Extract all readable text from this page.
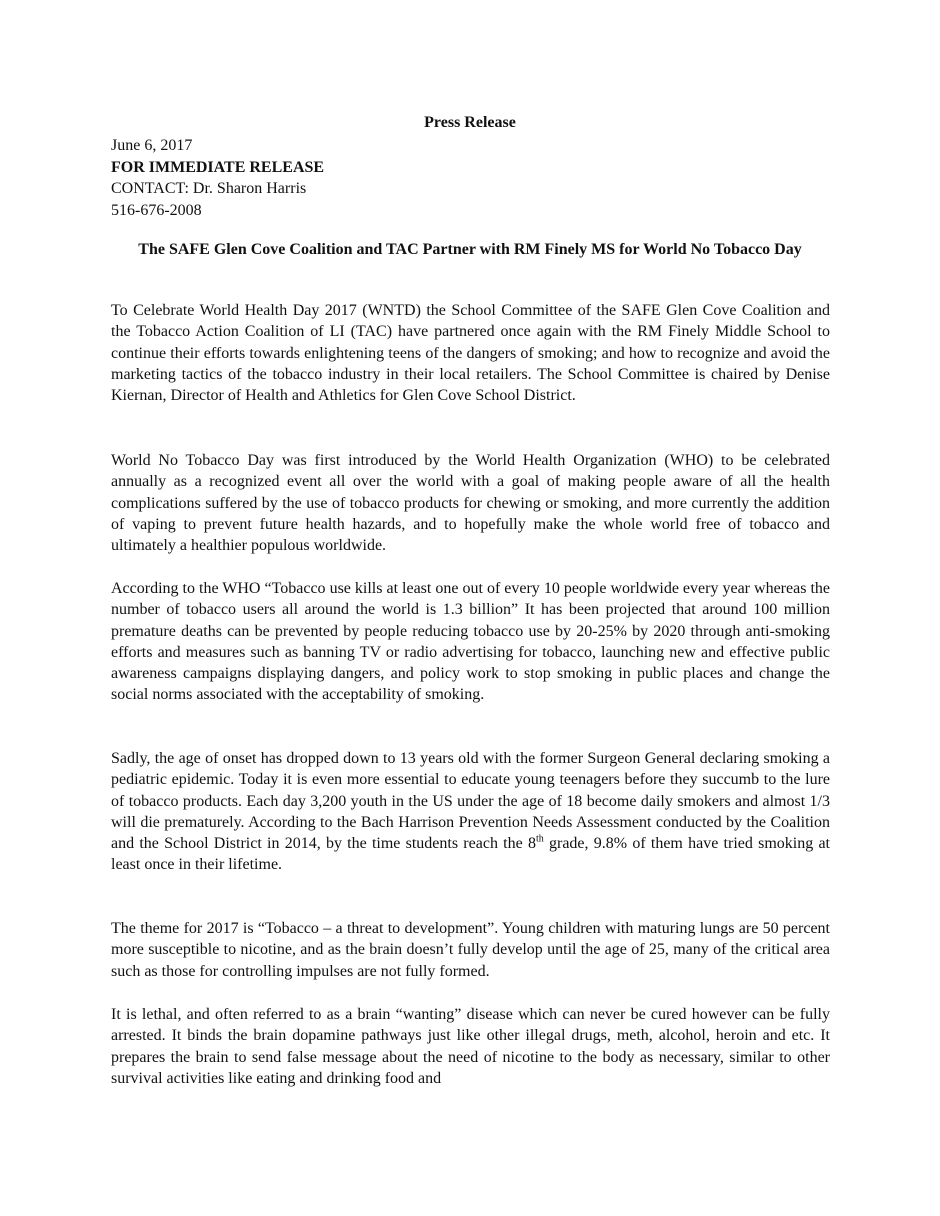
Press Release
June 6, 2017
FOR IMMEDIATE RELEASE
CONTACT: Dr. Sharon Harris
516-676-2008
The SAFE Glen Cove Coalition and TAC Partner with RM Finely MS for World No Tobacco Day

To Celebrate World Health Day 2017 (WNTD) the School Committee of the SAFE Glen Cove Coalition and the Tobacco Action Coalition of LI (TAC) have partnered once again with the RM Finely Middle School to continue their efforts towards enlightening teens of the dangers of smoking; and how to recognize and avoid the marketing tactics of the tobacco industry in their local retailers. The School Committee is chaired by Denise Kiernan, Director of Health and Athletics for Glen Cove School District.

World No Tobacco Day was first introduced by the World Health Organization (WHO) to be celebrated annually as a recognized event all over the world with a goal of making people aware of all the health complications suffered by the use of tobacco products for chewing or smoking, and more currently the addition of vaping to prevent future health hazards, and to hopefully make the whole world free of tobacco and ultimately a healthier populous worldwide.

According to the WHO “Tobacco use kills at least one out of every 10 people worldwide every year whereas the number of tobacco users all around the world is 1.3 billion” It has been projected that around 100 million premature deaths can be prevented by people reducing tobacco use by 20-25% by 2020 through anti-smoking efforts and measures such as banning TV or radio advertising for tobacco, launching new and effective public awareness campaigns displaying dangers, and policy work to stop smoking in public places and change the social norms associated with the acceptability of smoking.

Sadly, the age of onset has dropped down to 13 years old with the former Surgeon General declaring smoking a pediatric epidemic. Today it is even more essential to educate young teenagers before they succumb to the lure of tobacco products. Each day 3,200 youth in the US under the age of 18 become daily smokers and almost 1/3 will die prematurely. According to the Bach Harrison Prevention Needs Assessment conducted by the Coalition and the School District in 2014, by the time students reach the 8th grade, 9.8% of them have tried smoking at least once in their lifetime.

The theme for 2017 is “Tobacco – a threat to development”. Young children with maturing lungs are 50 percent more susceptible to nicotine, and as the brain doesn’t fully develop until the age of 25, many of the critical area such as those for controlling impulses are not fully formed.

It is lethal, and often referred to as a brain “wanting” disease which can never be cured however can be fully arrested. It binds the brain dopamine pathways just like other illegal drugs, meth, alcohol, heroin and etc. It prepares the brain to send false message about the need of nicotine to the body as necessary, similar to other survival activities like eating and drinking food and
